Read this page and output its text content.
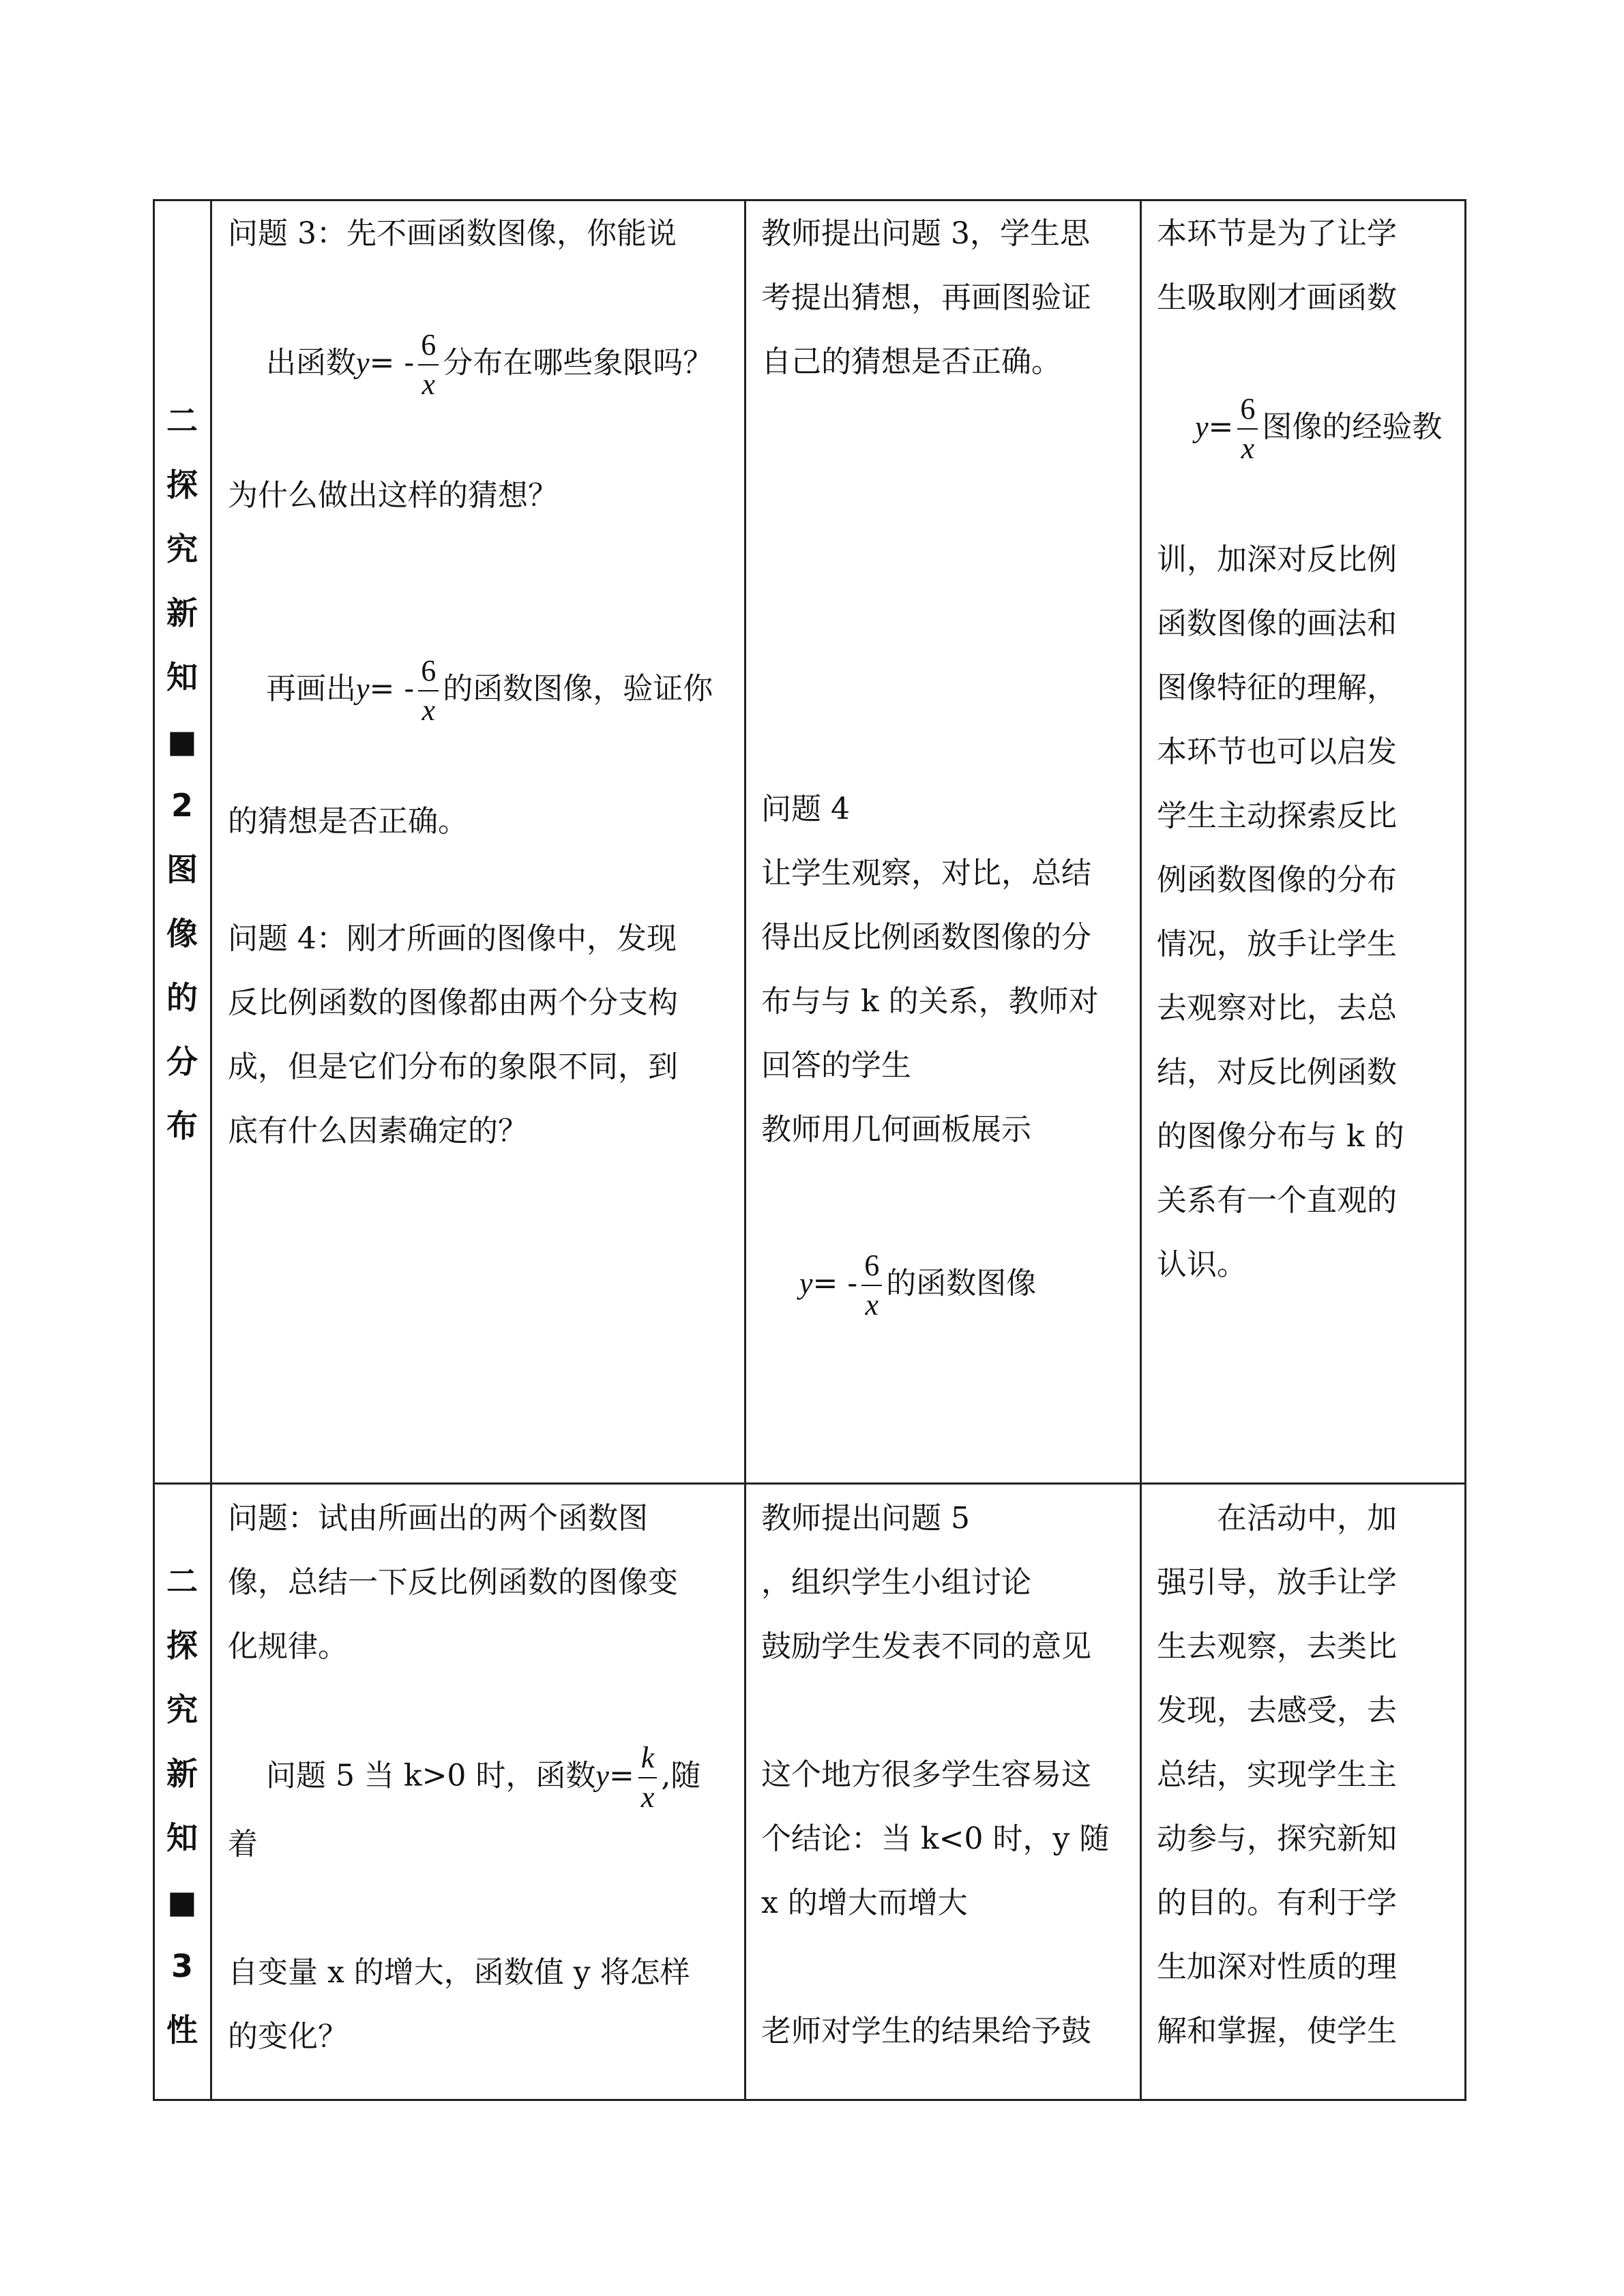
二
探
究
新
知
■
2
图
像
的
分
布

问题 3：先不画函数图像，你能说

出函数$y= - \frac{6}{x}$ 分布在哪些象限吗？

为什么做出这样的猜想？

再画出$y= - \frac{6}{x}$ 的函数图像，验证你

的猜想是否正确。

问题 4：刚才所画的图像中，发现

反比例函数的图像都由两个分支构

成，但是它们分布的象限不同，到

底有什么因素确定的？

教师提出问题 3，学生思

考提出猜想，再画图验证

自己的猜想是否正确。

问题 4

让学生观察，对比，总结

得出反比例函数图像的分

布与与 k 的关系，教师对

回答的学生

教师用几何画板展示

$y= - \frac{6}{x}$ 的函数图像

本环节是为了让学

生吸取刚才画函数

$y= \frac{6}{x}$ 图像的经验教

训，加深对反比例

函数图像的画法和

图像特征的理解，

本环节也可以启发

学生主动探索反比

例函数图像的分布

情况，放手让学生

去观察对比，去总

结，对反比例函数

的图像分布与 k 的

关系有一个直观的

认识。

二
探
究
新
知
■
3
性

问题：试由所画出的两个函数图

像，总结一下反比例函数的图像变

化规律。

问题 5 当 k>0 时，函数$y= \frac{k}{x}$ ,随着

自变量 x 的增大，函数值 y 将怎样

的变化？

教师提出问题 5

，组织学生小组讨论

鼓励学生发表不同的意见

这个地方很多学生容易这

个结论：当 k<0 时，y 随

x 的增大而增大

老师对学生的结果给予鼓

　　在活动中，加

强引导，放手让学

生去观察，去类比

发现，去感受，去

总结，实现学生主

动参与，探究新知

的目的。有利于学

生加深对性质的理

解和掌握，使学生
